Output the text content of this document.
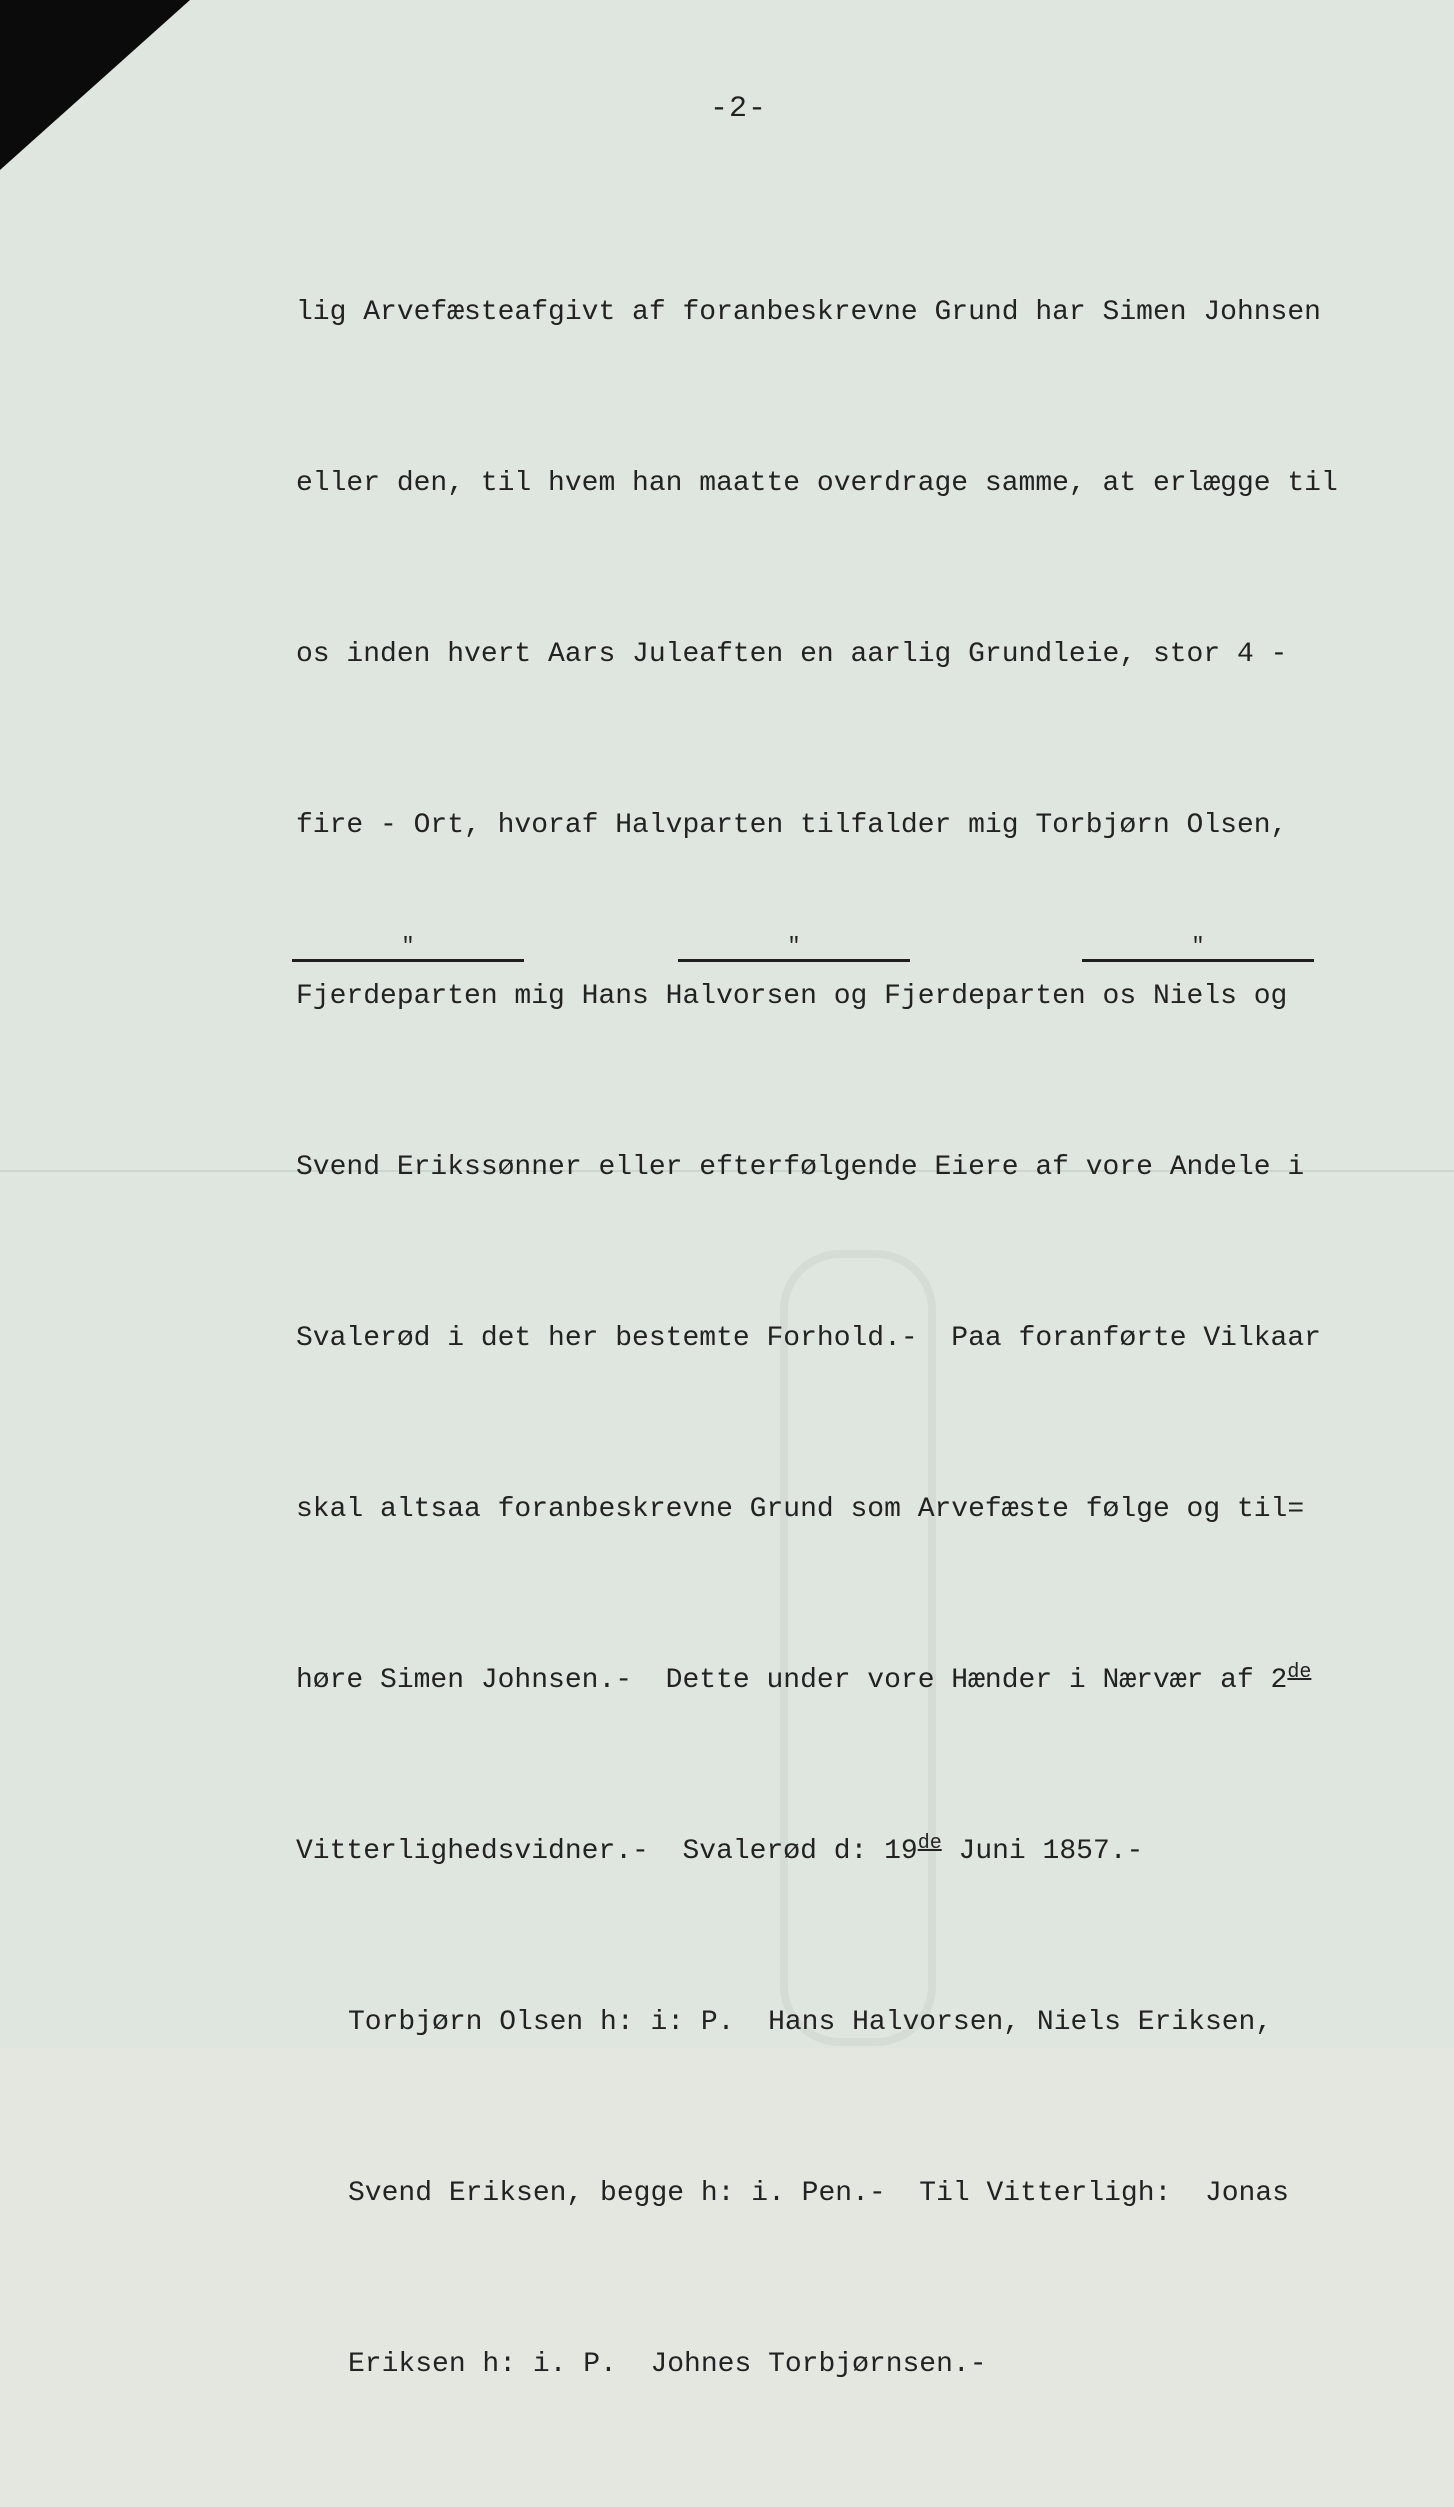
-2-

lig Arvefæsteafgivt af foranbeskrevne Grund har Simen Johnsen

eller den, til hvem han maatte overdrage samme, at erlægge til

os inden hvert Aars Juleaften en aarlig Grundleie, stor 4 -

fire - Ort, hvoraf Halvparten tilfalder mig Torbjørn Olsen,

Fjerdeparten mig Hans Halvorsen og Fjerdeparten os Niels og

Svend Erikssønner eller efterfølgende Eiere af vore Andele i

Svalerød i det her bestemte Forhold.-  Paa foranførte Vilkaar

skal altsaa foranbeskrevne Grund som Arvefæste følge og til=

høre Simen Johnsen.-  Dette under vore Hænder i Nærvær af 2de

Vitterlighedsvidner.-  Svalerød d: 19de Juni 1857.-

Torbjørn Olsen h: i: P.  Hans Halvorsen, Niels Eriksen,

Svend Eriksen, begge h: i. Pen.-  Til Vitterligh:  Jonas

Eriksen h: i. P.  Johnes Torbjørnsen.-

"	"	"
